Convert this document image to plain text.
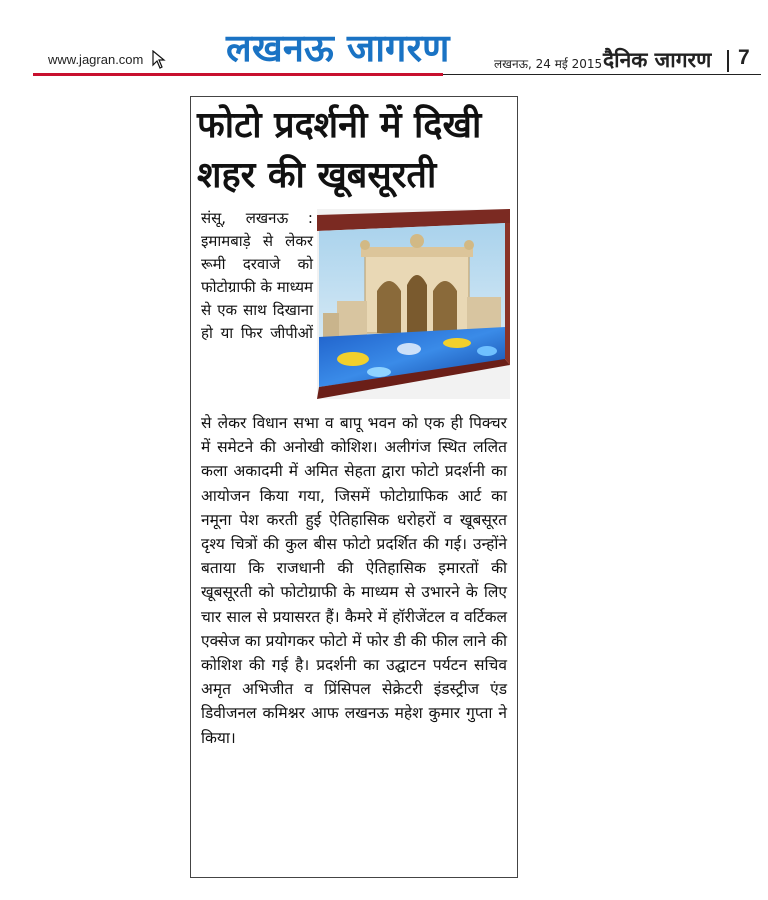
www.jagran.com लखनऊ जागरण	लखनऊ, 24 मई 2015 दैनिक जागरण 7
फोटो प्रदर्शनी में दिखी शहर की खूबसूरती
संसू, लखनऊ : इमामबाड़े से लेकर रूमी दरवाजे को फोटोग्राफी के माध्यम से एक साथ दिखाना हो या फिर जीपीओं
से लेकर विधान सभा व बापू भवन को एक ही पिक्चर में समेटने की अनोखी कोशिश। अलीगंज स्थित ललित कला अकादमी में अमित सेहता द्वारा फोटो प्रदर्शनी का आयोजन किया गया, जिसमें फोटोग्राफिक आर्ट का नमूना पेश करती हुई ऐतिहासिक धरोहरों व खूबसूरत दृश्य चित्रों की कुल बीस फोटो प्रदर्शित की गई। उन्होंने बताया कि राजधानी की ऐतिहासिक इमारतों की खूबसूरती को फोटोग्राफी के माध्यम से उभारने के लिए चार साल से प्रयासरत हैं। कैमरे में हॉरीजेंटल व वर्टिकल एक्सेज का प्रयोगकर फोटो में फोर डी की फील लाने की कोशिश की गई है। प्रदर्शनी का उद्घाटन पर्यटन सचिव अमृत अभिजीत व प्रिंसिपल सेक्रेटरी इंडस्ट्रीज एंड डिवीजनल कमिश्नर आफ लखनऊ महेश कुमार गुप्ता ने किया।
